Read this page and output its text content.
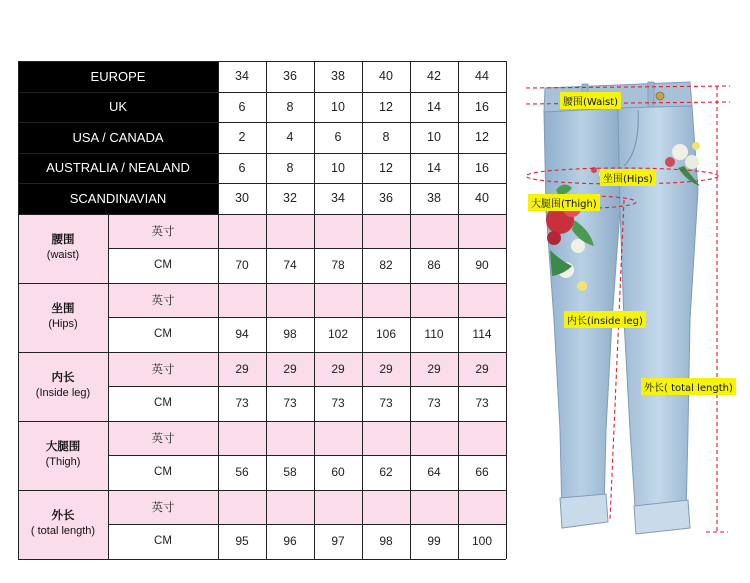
EUROPE	34	36	38	40	42	44
UK	6	8	10	12	14	16
USA / CANADA	2	4	6	8	10	12
AUSTRALIA / NEALAND	6	8	10	12	14	16
SCANDINAVIAN	30	32	34	36	38	40
腰围
(waist)
英寸
CM	70	74	78	82	86	90
坐围
(Hips)
英寸
CM	94	98	102	106	110	114
内长
(Inside leg)
英寸	29	29	29	29	29	29
CM	73	73	73	73	73	73
大腿围
(Thigh)
英寸
CM	56	58	60	62	64	66
外长
( total length)
英寸
CM	95	96	97	98	99	100
腰围(Waist)
坐围(Hips)
大腿围(Thigh)
内长(inside leg)
外长( total length)
